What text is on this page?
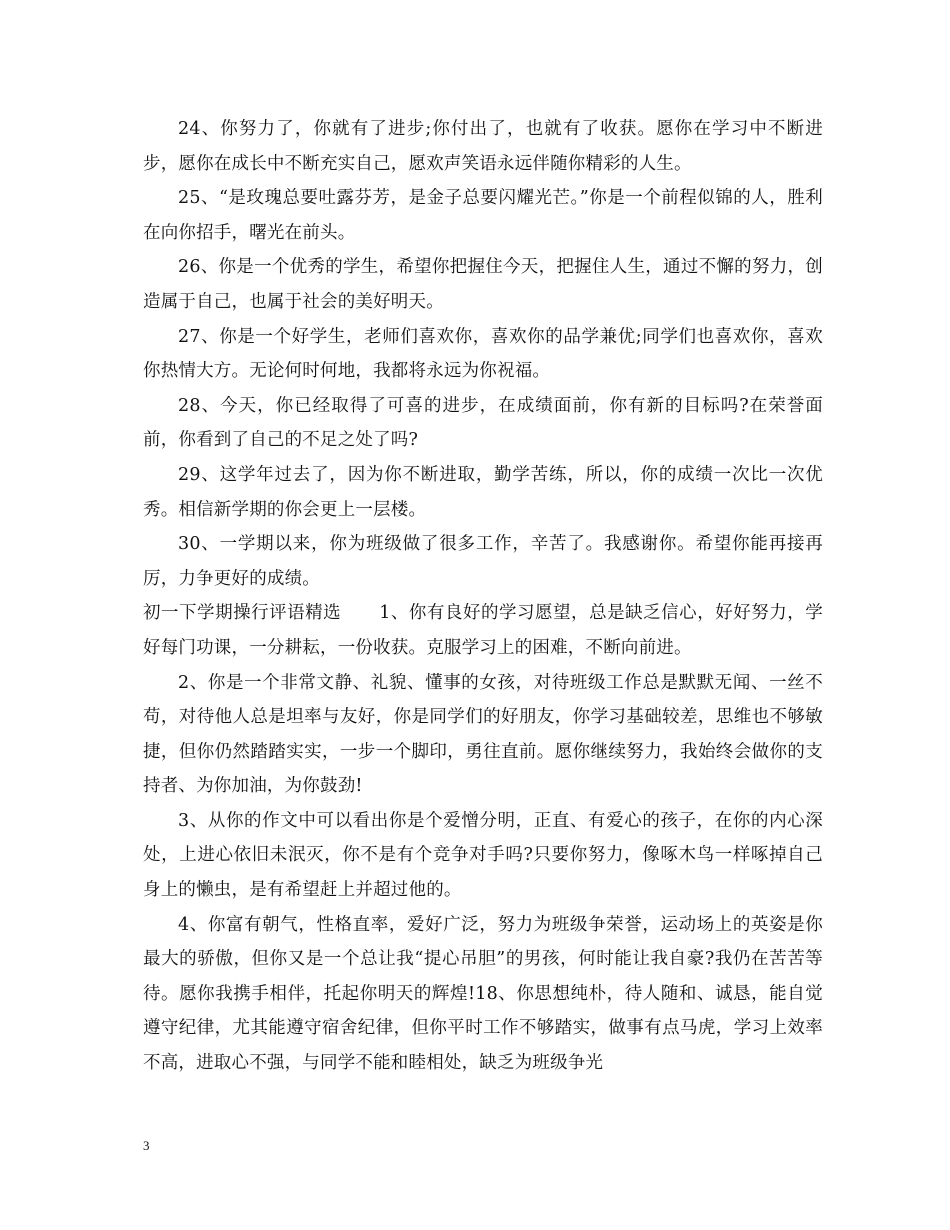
24、你努力了，你就有了进步;你付出了，也就有了收获。愿你在学习中不断进步，愿你在成长中不断充实自己，愿欢声笑语永远伴随你精彩的人生。

25、“是玫瑰总要吐露芬芳，是金子总要闪耀光芒。”你是一个前程似锦的人，胜利在向你招手，曙光在前头。

26、你是一个优秀的学生，希望你把握住今天，把握住人生，通过不懈的努力，创造属于自己，也属于社会的美好明天。

27、你是一个好学生，老师们喜欢你，喜欢你的品学兼优;同学们也喜欢你，喜欢你热情大方。无论何时何地，我都将永远为你祝福。

28、今天，你已经取得了可喜的进步，在成绩面前，你有新的目标吗?在荣誉面前，你看到了自己的不足之处了吗?

29、这学年过去了，因为你不断进取，勤学苦练，所以，你的成绩一次比一次优秀。相信新学期的你会更上一层楼。

30、一学期以来，你为班级做了很多工作，辛苦了。我感谢你。希望你能再接再厉，力争更好的成绩。

初一下学期操行评语精选 1、你有良好的学习愿望，总是缺乏信心，好好努力，学好每门功课，一分耕耘，一份收获。克服学习上的困难，不断向前进。

2、你是一个非常文静、礼貌、懂事的女孩，对待班级工作总是默默无闻、一丝不苟，对待他人总是坦率与友好，你是同学们的好朋友，你学习基础较差，思维也不够敏捷，但你仍然踏踏实实，一步一个脚印，勇往直前。愿你继续努力，我始终会做你的支持者、为你加油，为你鼓劲!

3、从你的作文中可以看出你是个爱憎分明，正直、有爱心的孩子，在你的内心深处，上进心依旧未泯灭，你不是有个竞争对手吗?只要你努力，像啄木鸟一样啄掉自己身上的懒虫，是有希望赶上并超过他的。

4、你富有朝气，性格直率，爱好广泛，努力为班级争荣誉，运动场上的英姿是你最大的骄傲，但你又是一个总让我“提心吊胆”的男孩，何时能让我自豪?我仍在苦苦等待。愿你我携手相伴，托起你明天的辉煌!18、你思想纯朴，待人随和、诚恳，能自觉遵守纪律，尤其能遵守宿舍纪律，但你平时工作不够踏实，做事有点马虎，学习上效率不高，进取心不强，与同学不能和睦相处，缺乏为班级争光

3
